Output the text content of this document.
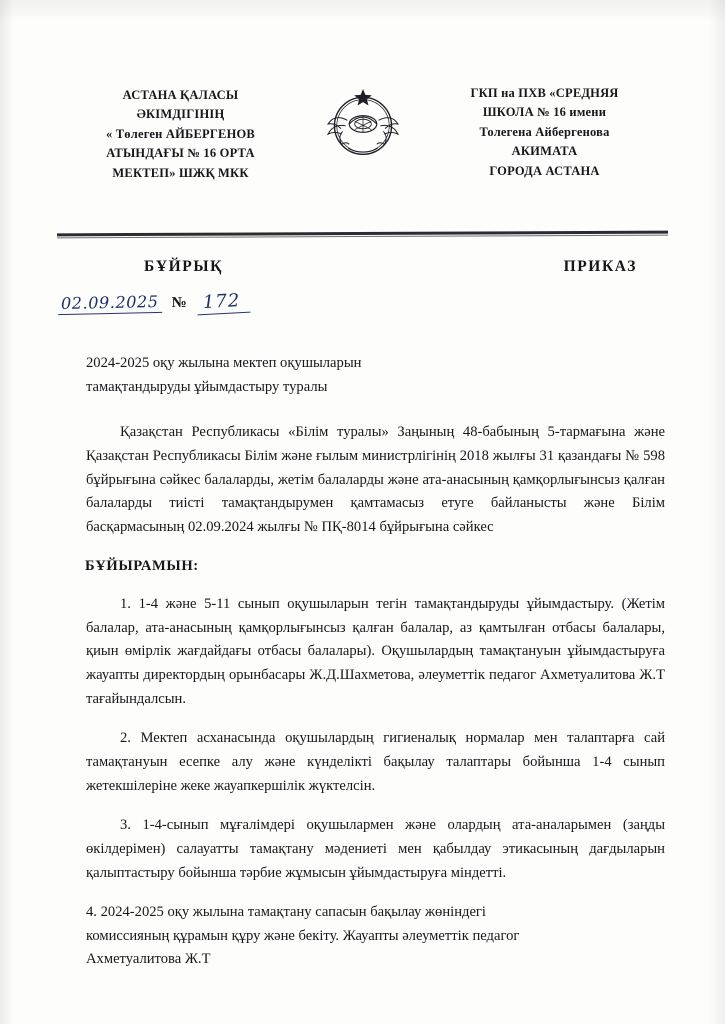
АСТАНА ҚАЛАСЫ
ӘКІМДІГІНІҢ
« Төлеген АЙБЕРГЕНОВ
АТЫНДАҒЫ № 16 ОРТА
МЕКТЕП» ШЖҚ МКК
ГКП на ПХВ «СРЕДНЯЯ
ШКОЛА № 16 имени
Толегена Айбергенова
АКИМАТА
ГОРОДА АСТАНА
БҰЙРЫҚ	ПРИКАЗ
02.09.2025 № 172
2024-2025 оқу жылына мектеп оқушыларын
тамақтандыруды ұйымдастыру туралы

Қазақстан Республикасы «Білім туралы» Заңының 48-бабының 5-тармағына және Қазақстан Республикасы Білім және ғылым министрлігінің 2018 жылғы 31 қазандағы № 598 бұйрығына сәйкес балаларды, жетім балаларды және ата-анасының қамқорлығынсыз қалған балаларды тиісті тамақтандырумен қамтамасыз етуге байланысты және Білім басқармасының 02.09.2024 жылғы № ПҚ-8014 бұйрығына сәйкес

БҰЙЫРАМЫН:

1. 1-4 және 5-11 сынып оқушыларын тегін тамақтандыруды ұйымдастыру. (Жетім балалар, ата-анасының қамқорлығынсыз қалған балалар, аз қамтылған отбасы балалары, қиын өмірлік жағдайдағы отбасы балалары). Оқушылардың тамақтануын ұйымдастыруға жауапты директордың орынбасары Ж.Д.Шахметова, әлеуметтік педагог Ахметуалитова Ж.Т тағайындалсын.

2. Мектеп асханасында оқушылардың гигиеналық нормалар мен талаптарға сай тамақтануын есепке алу және күнделікті бақылау талаптары бойынша 1-4 сынып жетекшілеріне жеке жауапкершілік жүктелсін.

3. 1-4-сынып мұғалімдері оқушылармен және олардың ата-аналарымен (заңды өкілдерімен) салауатты тамақтану мәдениеті мен қабылдау этикасының дағдыларын қалыптастыру бойынша тәрбие жұмысын ұйымдастыруға міндетті.

4. 2024-2025 оқу жылына тамақтану сапасын бақылау жөніндегі
комиссияның құрамын құру және бекіту. Жауапты әлеуметтік педагог
Ахметуалитова Ж.Т
